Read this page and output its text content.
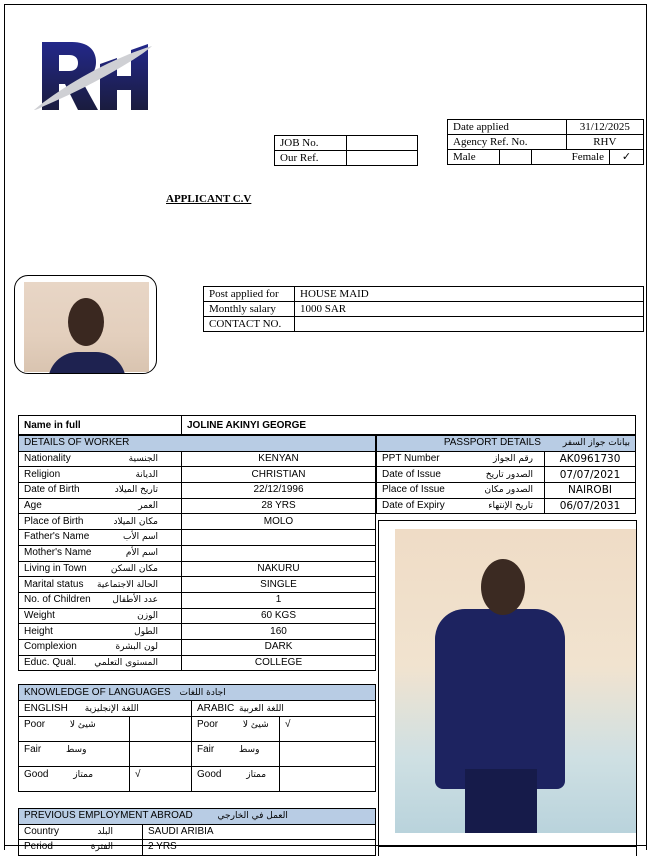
JOB No.	
Our Ref.	
Date applied			31/12/2025	
Agency Ref. No.			RHV	
Male		Female		✓
APPLICANT C.V
Post applied for	HOUSE MAID
Monthly salary	1000 SAR
CONTACT NO.	
Name in full	JOLINE AKINYI GEORGE
DETAILS OF WORKER	
Nationality الجنسية	KENYAN
Religion الديانة	CHRISTIAN
Date of Birth تاريخ الميلاد	22/12/1996
Age العمر	28 YRS
Place of Birth مكان الميلاد	MOLO
Father's Name اسم الأب	

Mother's Name اسم الأم	

Living in Town مكان السكن	NAKURU
Marital status الحالة الاجتماعية	SINGLE
No. of Children عدد الأطفال	1
Weight الوزن	60 KGS
Height الطول	160
Complexion لون البشرة	DARK
Educ. Qual. المستوى التعلمي	COLLEGE
PASSPORT DETAILS بيانات جواز السفر	

PPT Number رقم الجواز	AK0961730
Date of Issue الصدور تاريخ	07/07/2021
Place of Issue الصدور مكان	NAIROBI
Date of Expiry تاريخ الإنتهاء	06/07/2031
KNOWLEDGE OF LANGUAGES اجادة اللغات			
ENGLISH اللغة الإنجليزية		ARABIC اللغة العربية	
Poor شيئ لا		Poor شيئ لا	√
Fair وسط		Fair وسط	
Good ممتاز	√	Good ممتاز	
PREVIOUS EMPLOYMENT ABROAD العمل في الخارجي	
Country البلد	SAUDI ARIBIA
Period الفترة	2 YRS
